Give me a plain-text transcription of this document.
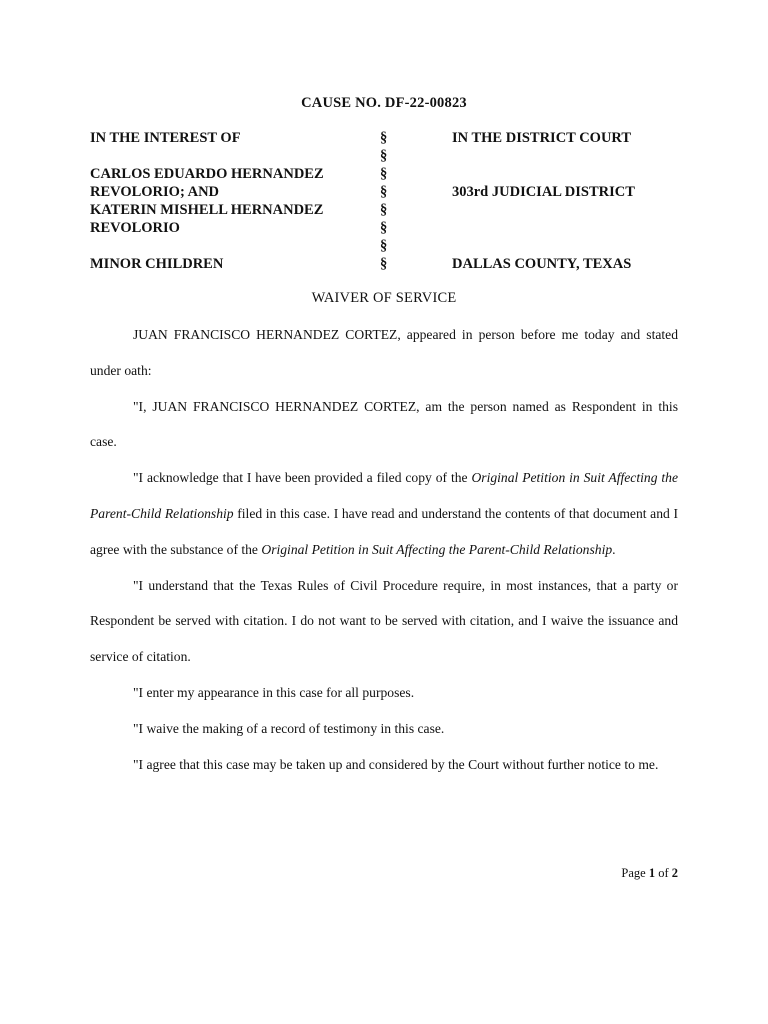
CAUSE NO. DF-22-00823
IN THE INTEREST OF
CARLOS EDUARDO HERNANDEZ
REVOLORIO; AND
KATERIN MISHELL HERNANDEZ
REVOLORIO
MINOR CHILDREN
§
§
§
§
§
§
§
§
IN THE DISTRICT COURT
303rd JUDICIAL DISTRICT
DALLAS COUNTY, TEXAS
WAIVER OF SERVICE

JUAN FRANCISCO HERNANDEZ CORTEZ, appeared in person before me today and stated under oath:

"I, JUAN FRANCISCO HERNANDEZ CORTEZ, am the person named as Respondent in this case.

"I acknowledge that I have been provided a filed copy of the Original Petition in Suit Affecting the Parent-Child Relationship filed in this case. I have read and understand the contents of that document and I agree with the substance of the Original Petition in Suit Affecting the Parent-Child Relationship.

"I understand that the Texas Rules of Civil Procedure require, in most instances, that a party or Respondent be served with citation. I do not want to be served with citation, and I waive the issuance and service of citation.

"I enter my appearance in this case for all purposes.

"I waive the making of a record of testimony in this case.

"I agree that this case may be taken up and considered by the Court without further notice to me.

Page 1 of 2
